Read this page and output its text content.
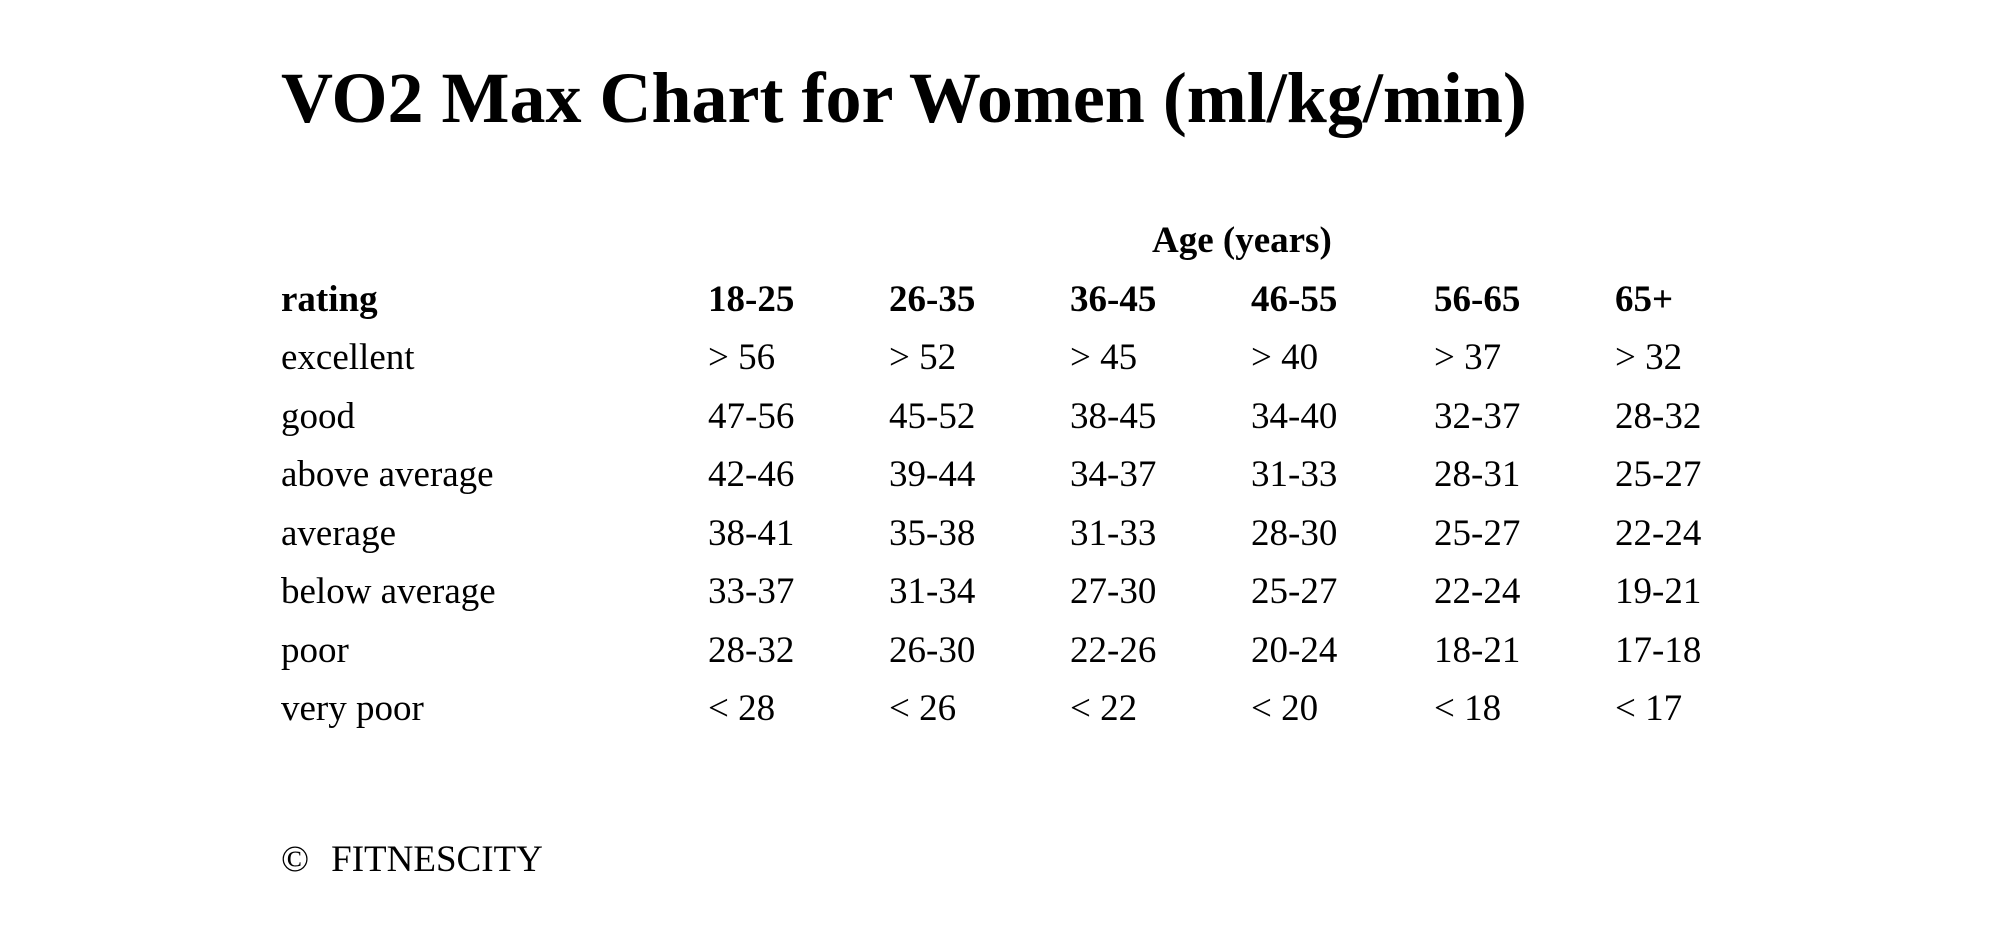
VO2 Max Chart for Women (ml/kg/min)
Age (years)
rating	18-25	26-35	36-45	46-55	56-65	65+
excellent	> 56	> 52	> 45	> 40	> 37	> 32
good	47-56	45-52	38-45	34-40	32-37	28-32
above average	42-46	39-44	34-37	31-33	28-31	25-27
average	38-41	35-38	31-33	28-30	25-27	22-24
below average	33-37	31-34	27-30	25-27	22-24	19-21
poor	28-32	26-30	22-26	20-24	18-21	17-18
very poor	< 28	< 26	< 22	< 20	< 18	< 17
© FITNESCITY
